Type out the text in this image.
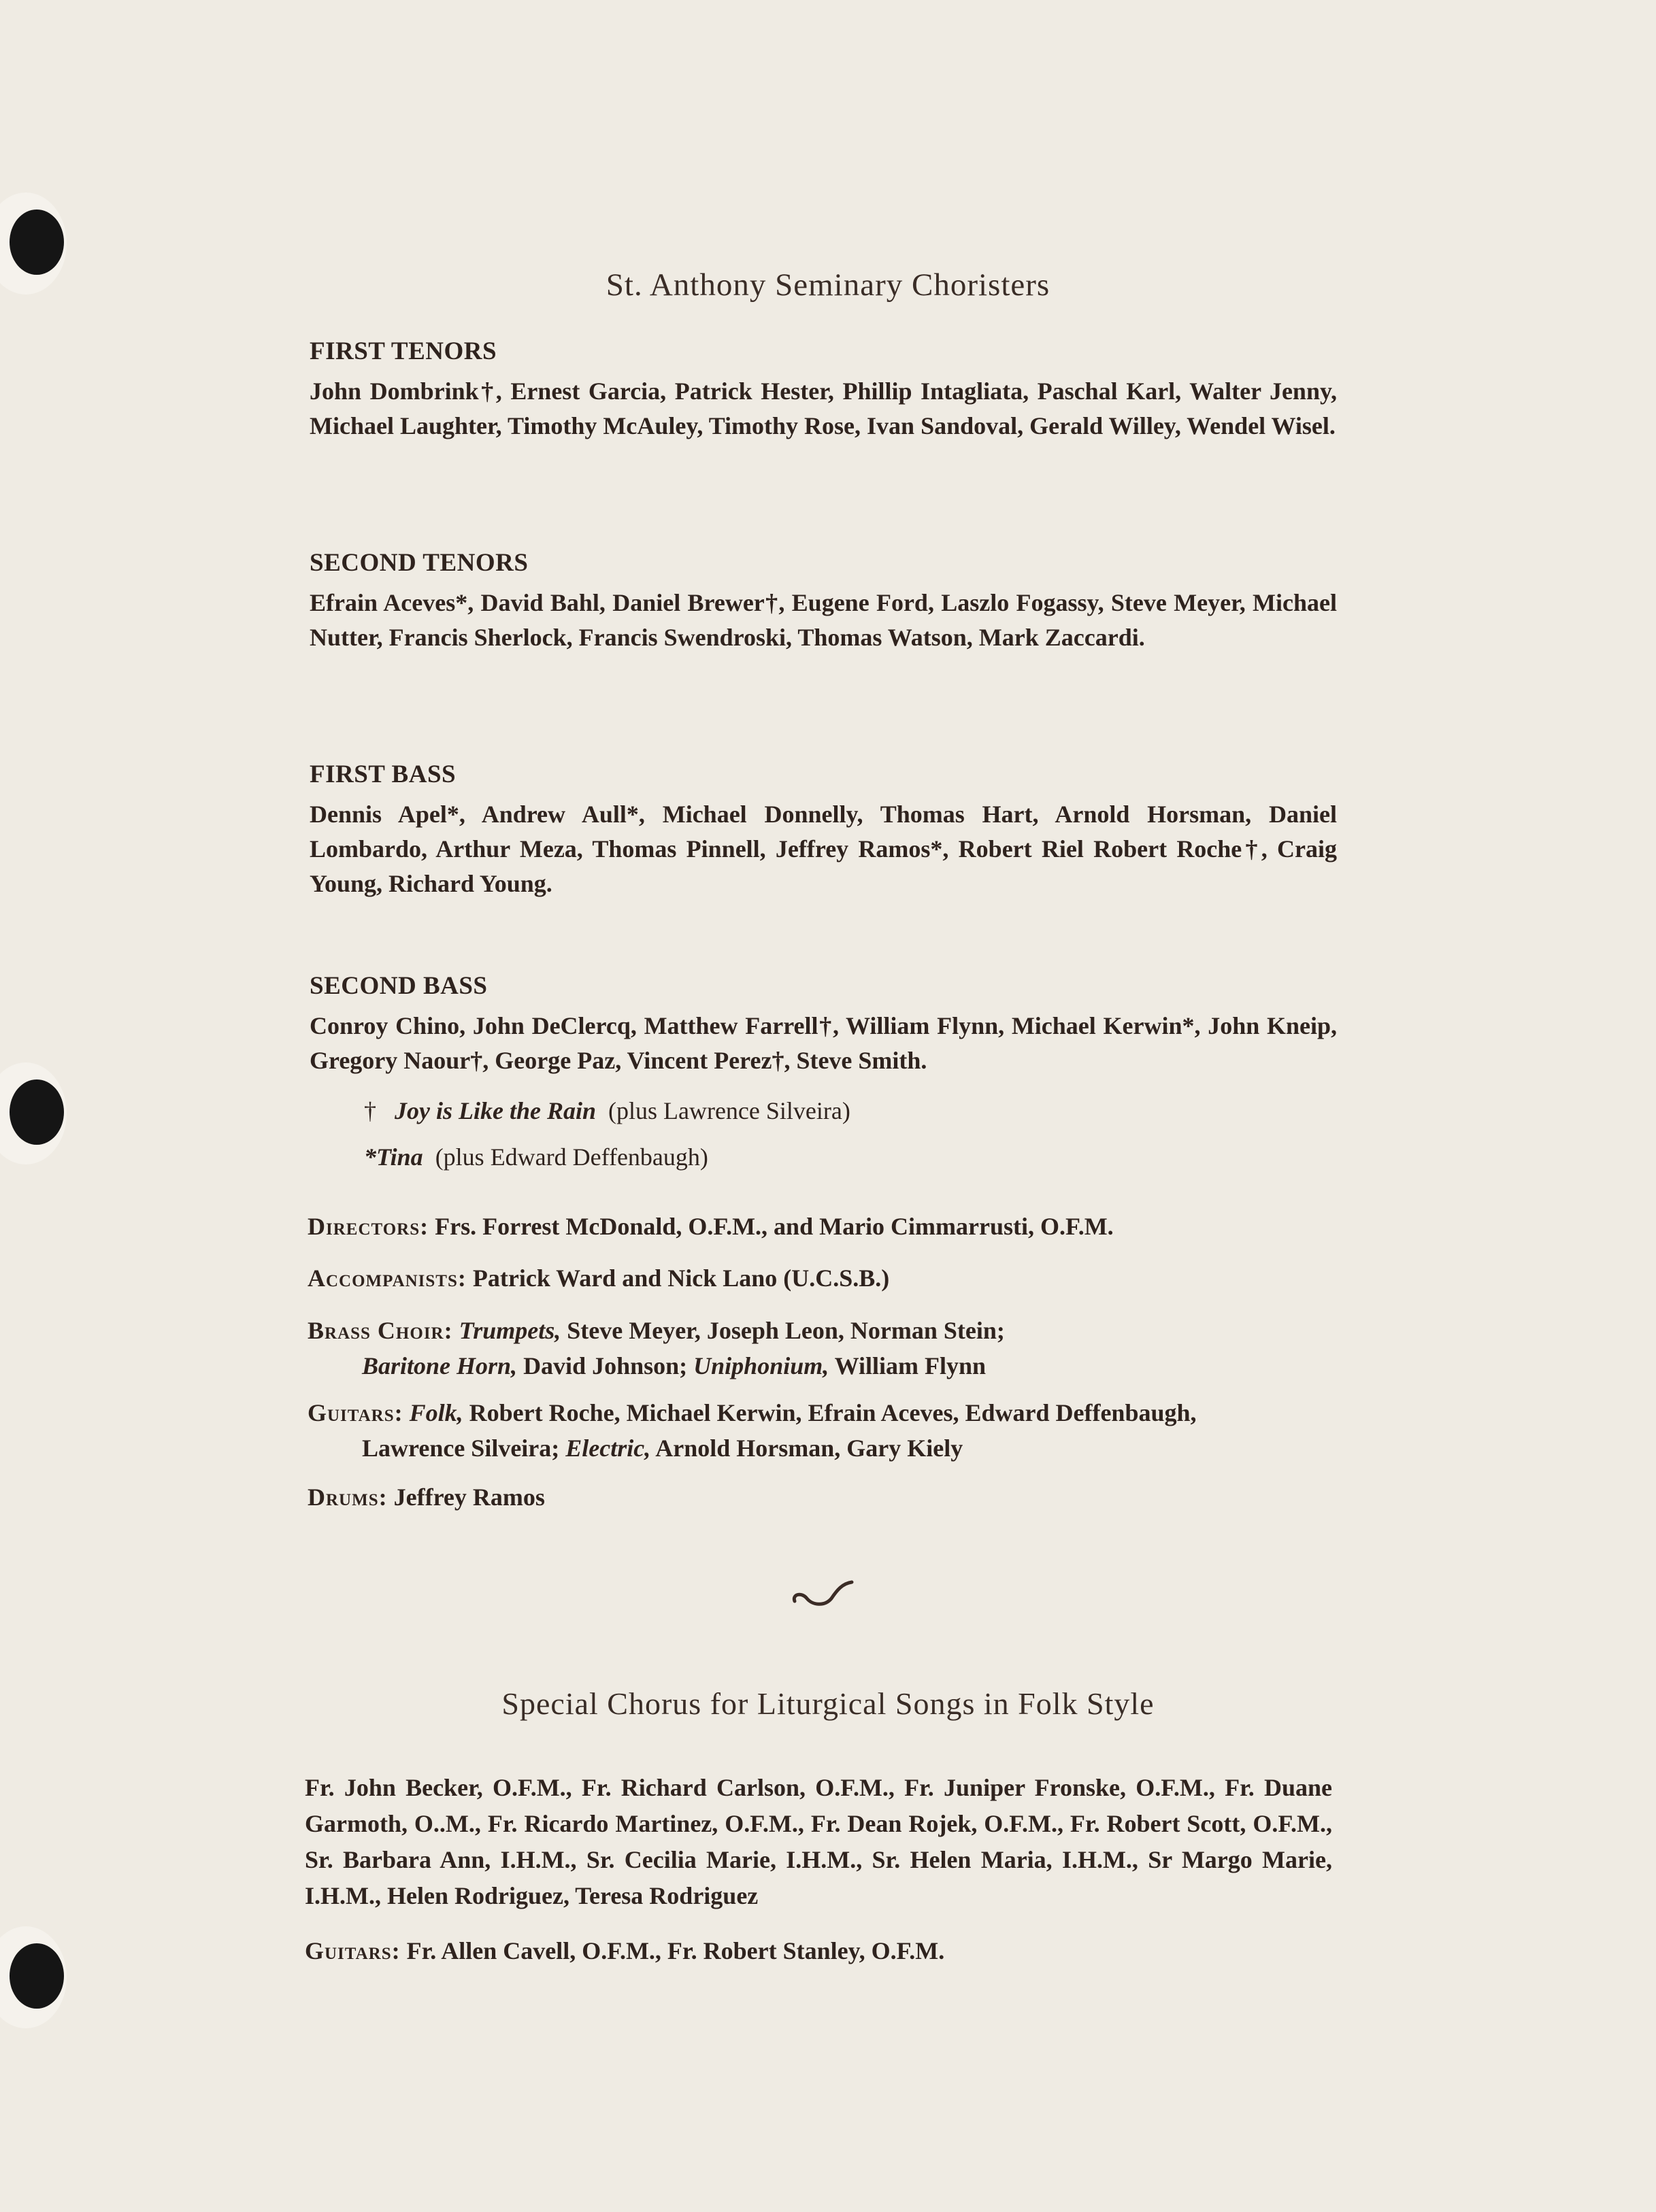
St. Anthony Seminary Choristers

FIRST TENORS

John Dombrink†, Ernest Garcia, Patrick Hester, Phillip Intagliata, Paschal Karl, Walter Jenny, Michael Laughter, Timothy McAuley, Timothy Rose, Ivan Sandoval, Gerald Willey, Wendel Wisel.

SECOND TENORS

Efrain Aceves*, David Bahl, Daniel Brewer†, Eugene Ford, Laszlo Fogassy, Steve Meyer, Michael Nutter, Francis Sherlock, Francis Swendroski, Thomas Watson, Mark Zaccardi.

FIRST BASS

Dennis Apel*, Andrew Aull*, Michael Donnelly, Thomas Hart, Arnold Horsman, Daniel Lombardo, Arthur Meza, Thomas Pinnell, Jeffrey Ramos*, Robert Riel Robert Roche†, Craig Young, Richard Young.

SECOND BASS

Conroy Chino, John DeClercq, Matthew Farrell†, William Flynn, Michael Kerwin*, John Kneip, Gregory Naour†, George Paz, Vincent Perez†, Steve Smith.

† Joy is Like the Rain (plus Lawrence Silveira)
*Tina (plus Edward Deffenbaugh)
Directors: Frs. Forrest McDonald, O.F.M., and Mario Cimmarrusti, O.F.M.
Accompanists: Patrick Ward and Nick Lano (U.C.S.B.)
Brass Choir: Trumpets, Steve Meyer, Joseph Leon, Norman Stein;
Baritone Horn, David Johnson; Uniphonium, William Flynn
Guitars: Folk, Robert Roche, Michael Kerwin, Efrain Aceves, Edward Deffenbaugh,
Lawrence Silveira; Electric, Arnold Horsman, Gary Kiely
Drums: Jeffrey Ramos
Special Chorus for Liturgical Songs in Folk Style
Fr. John Becker, O.F.M., Fr. Richard Carlson, O.F.M., Fr. Juniper Fronske, O.F.M., Fr. Duane Garmoth, O..M., Fr. Ricardo Martinez, O.F.M., Fr. Dean Rojek, O.F.M., Fr. Robert Scott, O.F.M., Sr. Barbara Ann, I.H.M., Sr. Cecilia Marie, I.H.M., Sr. Helen Maria, I.H.M., Sr Margo Marie, I.H.M., Helen Rodriguez, Teresa Rodriguez
Guitars: Fr. Allen Cavell, O.F.M., Fr. Robert Stanley, O.F.M.
